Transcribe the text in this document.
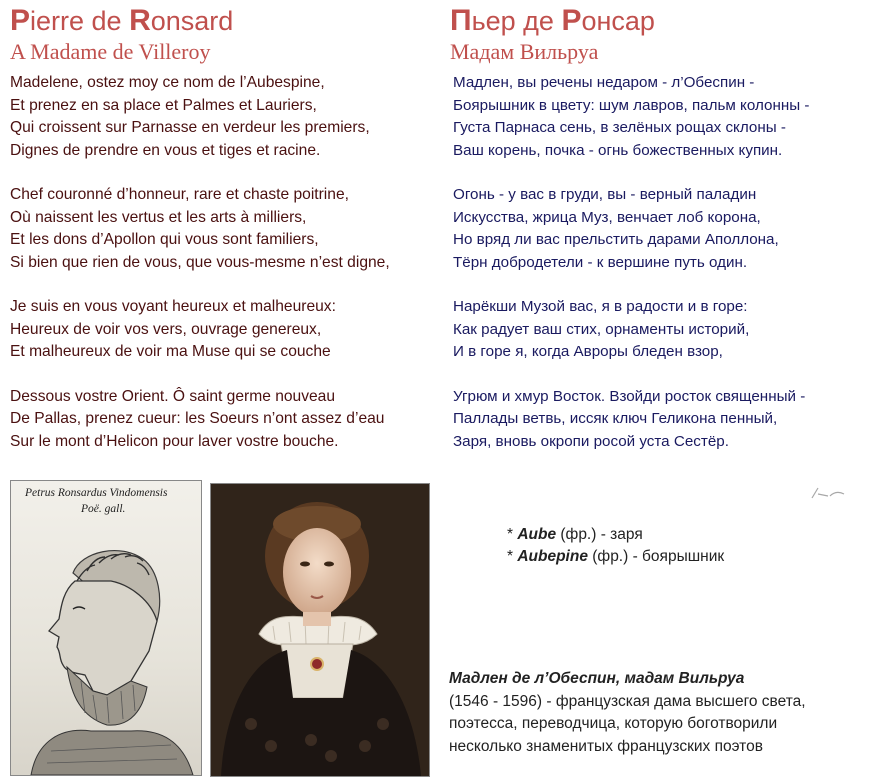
Pierre de Ronsard
A Madame de Villeroy
Madelene, ostez moy ce nom de l’Aubespine,
Et prenez en sa place et Palmes et Lauriers,
Qui croissent sur Parnasse en verdeur les premiers,
Dignes de prendre en vous et tiges et racine.
Chef couronné d’honneur, rare et chaste poitrine,
Où naissent les vertus et les arts à milliers,
Et les dons d’Apollon qui vous sont familiers,
Si bien que rien de vous, que vous-mesme n’est digne,
Je suis en vous voyant heureux et malheureux:
Heureux de voir vos vers, ouvrage genereux,
Et malheureux de voir ma Muse qui se couche
Dessous vostre Orient. Ô saint germe nouveau
De Pallas, prenez cueur: les Soeurs n’ont assez d’eau
Sur le mont d’Helicon pour laver vostre bouche.
Пьер де Ронсар
Мадам Вильруа
Мадлен, вы речены недаром - л’Обеспин -
Боярышник в цвету: шум лавров, пальм колонны -
Густа Парнаса сень, в зелёных рощах склоны -
Ваш корень, почка - огнь божественных купин.
Огонь - у вас в груди, вы - верный паладин
Искусства, жрица Муз, венчает лоб корона,
Но вряд ли вас прельстить дарами Аполлона,
Тёрн добродетели - к вершине путь один.
Нарёкши Музой вас, я в радости и в горе:
Как радует ваш стих, орнаменты историй,
И в горе я, когда Авроры бледен взор,
Угрюм и хмур Восток. Взойди росток священный -
Паллады ветвь, иссяк ключ Геликона пенный,
Заря, вновь окропи росой уста Сестёр.
Petrus Ronsardus Vindomensis
Poë. gall.
* Aube (фр.) - заря
* Aubepine (фр.) - боярышник
Мадлен де л’Обеспин, мадам Вильруа
(1546 - 1596) - французская дама высшего света,
поэтесса, переводчица, которую боготворили
несколько знаменитых французских поэтов
